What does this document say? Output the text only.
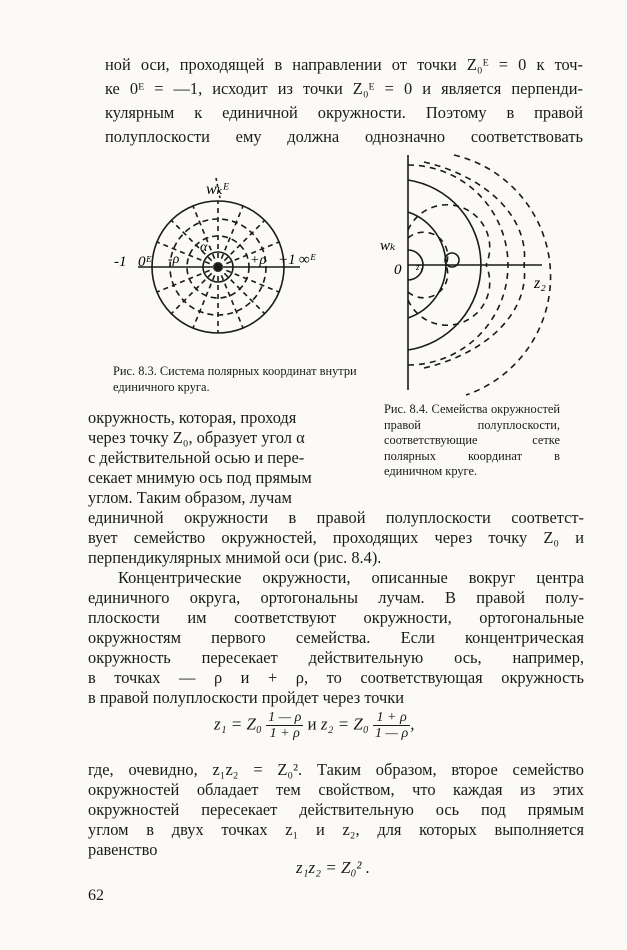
ной оси, проходящей в направлении от точки Z₀ᴱ = 0 к точ-
ке 0ᴱ = —1, исходит из точки Z₀ᴱ = 0 и является перпенди-
кулярным к единичной окружности. Поэтому в правой
полуплоскости ему должна однозначно соответствовать
wₖᴱ
-1 0ᴱ -ρ
α
+ρ +1 ∞ᴱ
Рис. 8.3. Система полярных координат внутри единичного круга.
wₖ
0 z₁
z₂
Рис. 8.4. Семейства окружностей правой полуплоскости, соответствующие сетке полярных координат в единичном круге.
окружность, которая, проходя
через точку Z₀, образует угол α
с действительной осью и пере-
секает мнимую ось под прямым
углом. Таким образом, лучам
единичной окружности в правой полуплоскости соответст-
вует семейство окружностей, проходящих через точку Z₀ и
перпендикулярных мнимой оси (рис. 8.4).
Концентрические окружности, описанные вокруг центра
единичного округа, ортогональны лучам. В правой полу-
плоскости им соответствуют окружности, ортогональные
окружностям первого семейства. Если концентрическая
окружность пересекает действительную ось, например,
в точках — ρ и + ρ, то соответствующая окружность
в правой полуплоскости пройдет через точки
$z_1 = Z_0 \frac{1 — \rho}{1 + \rho}$ и $z_2 = Z_0 \frac{1 + \rho}{1 — \rho}$ ,
где, очевидно, z₁z₂ = Z₀². Таким образом, второе семейство
окружностей обладает тем свойством, что каждая из этих
окружностей пересекает действительную ось под прямым
углом в двух точках z₁ и z₂, для которых выполняется
равенство
z₁z₂ = Z₀² .
62
